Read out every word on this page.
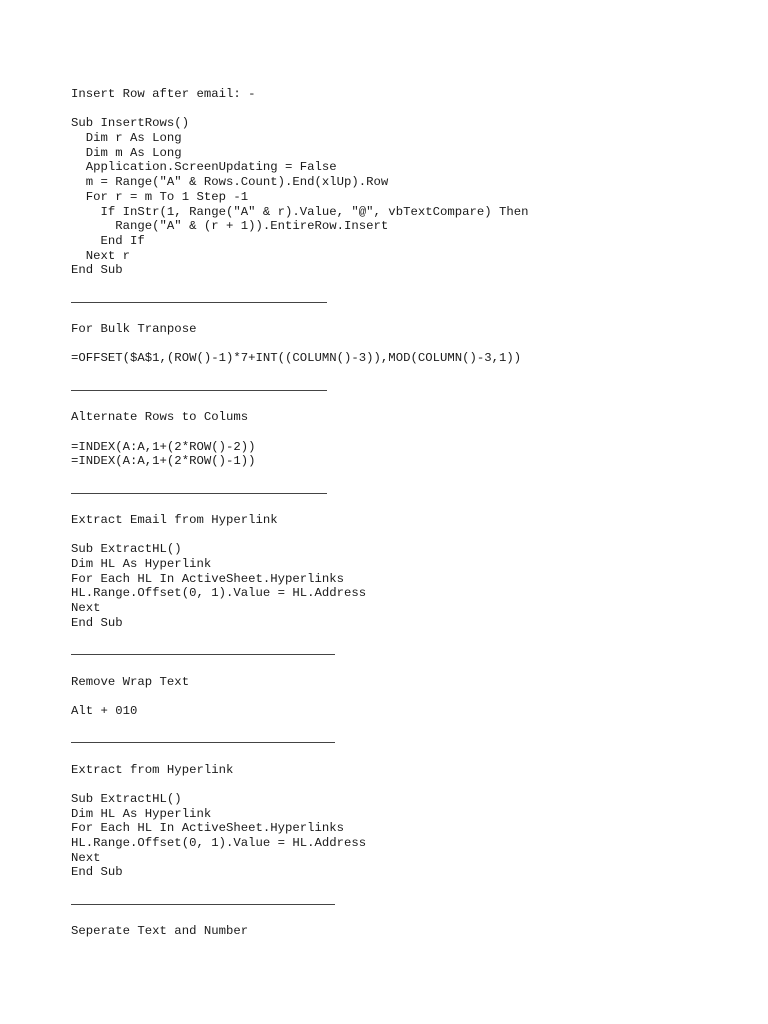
Insert Row after email: -
Sub InsertRows()
Dim r As Long
Dim m As Long
Application.ScreenUpdating = False
m = Range("A" & Rows.Count).End(xlUp).Row
For r = m To 1 Step -1
If InStr(1, Range("A" & r).Value, "@", vbTextCompare) Then
Range("A" & (r + 1)).EntireRow.Insert
End If
Next r
End Sub
For Bulk Tranpose
=OFFSET($A$1,(ROW()-1)*7+INT((COLUMN()-3)),MOD(COLUMN()-3,1))
Alternate Rows to Colums
=INDEX(A:A,1+(2*ROW()-2))
=INDEX(A:A,1+(2*ROW()-1))
Extract Email from Hyperlink
Sub ExtractHL()
Dim HL As Hyperlink
For Each HL In ActiveSheet.Hyperlinks
HL.Range.Offset(0, 1).Value = HL.Address
Next
End Sub
Remove Wrap Text
Alt + 010
Extract from Hyperlink
Sub ExtractHL()
Dim HL As Hyperlink
For Each HL In ActiveSheet.Hyperlinks
HL.Range.Offset(0, 1).Value = HL.Address
Next
End Sub
Seperate Text and Number
